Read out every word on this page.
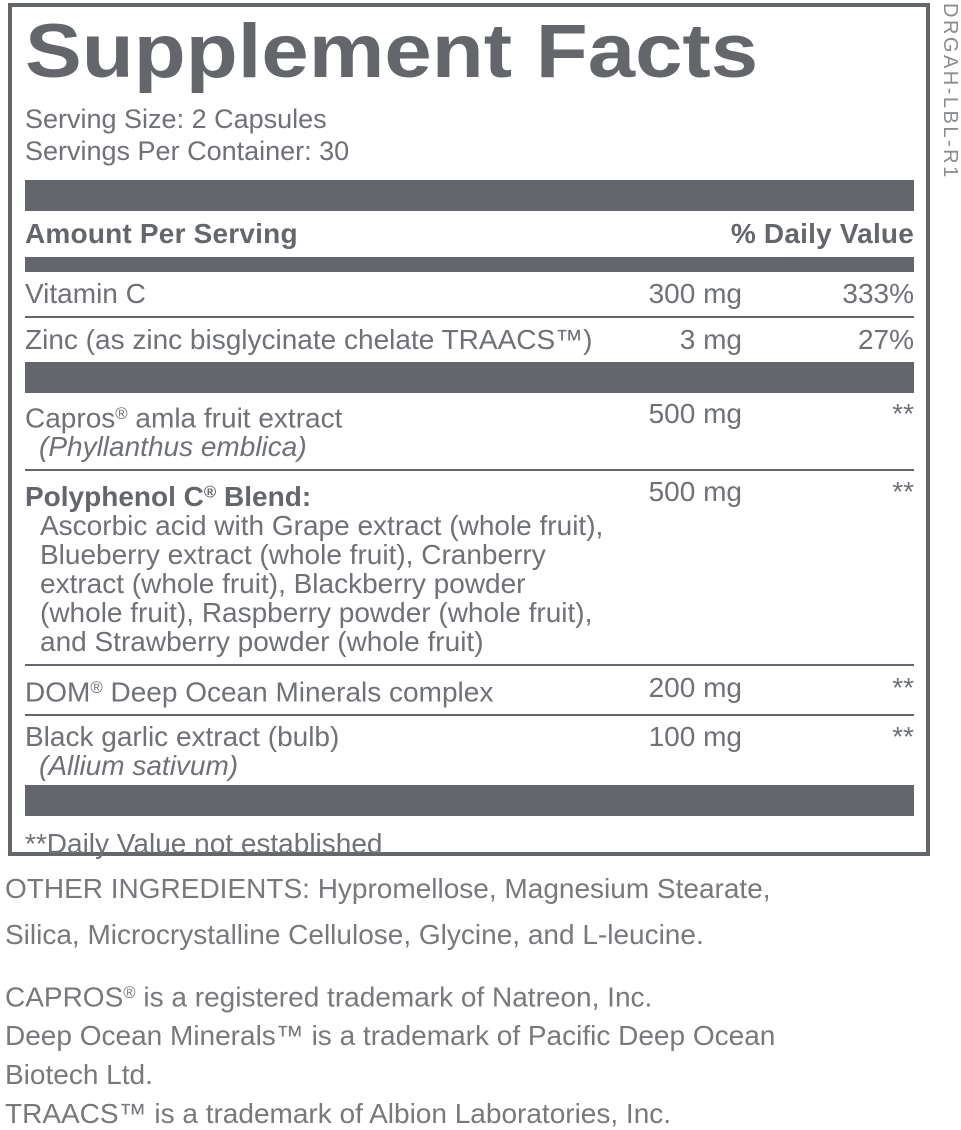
Supplement Facts
Serving Size: 2 Capsules
Servings Per Container: 30
Amount Per Serving	% Daily Value
Vitamin C	300 mg	333%
Zinc (as zinc bisglycinate chelate TRAACS™)	3 mg	27%
Capros® amla fruit extract
(Phyllanthus emblica)
500 mg	**
Polyphenol C® Blend:
Ascorbic acid with Grape extract (whole fruit),
Blueberry extract (whole fruit), Cranberry
extract (whole fruit), Blackberry powder
(whole fruit), Raspberry powder (whole fruit),
and Strawberry powder (whole fruit)
500 mg	**
DOM® Deep Ocean Minerals complex	200 mg	**
Black garlic extract (bulb)
(Allium sativum)
100 mg	**
**Daily Value not established
DRGAH-LBL-R1
OTHER INGREDIENTS: Hypromellose, Magnesium Stearate,
Silica, Microcrystalline Cellulose, Glycine, and L-leucine.
CAPROS® is a registered trademark of Natreon, Inc.
Deep Ocean Minerals™ is a trademark of Pacific Deep Ocean
Biotech Ltd.
TRAACS™ is a trademark of Albion Laboratories, Inc.
